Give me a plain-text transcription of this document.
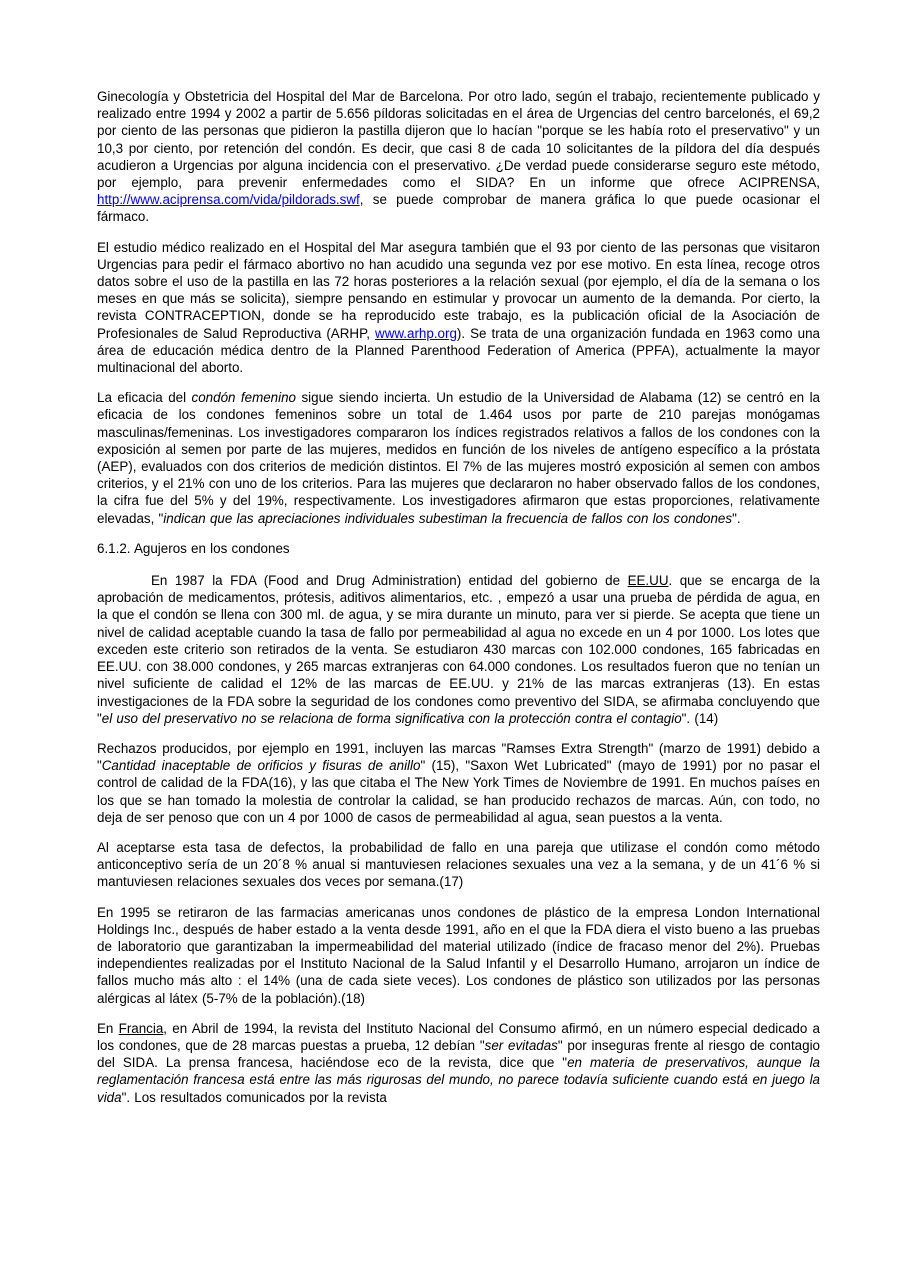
Ginecología y Obstetricia del Hospital del Mar de Barcelona. Por otro lado, según el trabajo, recientemente publicado y realizado entre 1994 y 2002 a partir de 5.656 píldoras solicitadas en el área de Urgencias del centro barcelonés, el 69,2 por ciento de las personas que pidieron la pastilla dijeron que lo hacían "porque se les había roto el preservativo" y un 10,3 por ciento, por retención del condón. Es decir, que casi 8 de cada 10 solicitantes de la píldora del día después acudieron a Urgencias por alguna incidencia con el preservativo. ¿De verdad puede considerarse seguro este método, por ejemplo, para prevenir enfermedades como el SIDA? En un informe que ofrece ACIPRENSA, http://www.aciprensa.com/vida/pildorads.swf, se puede comprobar de manera gráfica lo que puede ocasionar el fármaco.

El estudio médico realizado en el Hospital del Mar asegura también que el 93 por ciento de las personas que visitaron Urgencias para pedir el fármaco abortivo no han acudido una segunda vez por ese motivo. En esta línea, recoge otros datos sobre el uso de la pastilla en las 72 horas posteriores a la relación sexual (por ejemplo, el día de la semana o los meses en que más se solicita), siempre pensando en estimular y provocar un aumento de la demanda. Por cierto, la revista CONTRACEPTION, donde se ha reproducido este trabajo, es la publicación oficial de la Asociación de Profesionales de Salud Reproductiva (ARHP, www.arhp.org). Se trata de una organización fundada en 1963 como una área de educación médica dentro de la Planned Parenthood Federation of America (PPFA), actualmente la mayor multinacional del aborto.

La eficacia del condón femenino sigue siendo incierta. Un estudio de la Universidad de Alabama (12) se centró en la eficacia de los condones femeninos sobre un total de 1.464 usos por parte de 210 parejas monógamas masculinas/femeninas. Los investigadores compararon los índices registrados relativos a fallos de los condones con la exposición al semen por parte de las mujeres, medidos en función de los niveles de antígeno específico a la próstata (AEP), evaluados con dos criterios de medición distintos. El 7% de las mujeres mostró exposición al semen con ambos criterios, y el 21% con uno de los criterios. Para las mujeres que declararon no haber observado fallos de los condones, la cifra fue del 5% y del 19%, respectivamente. Los investigadores afirmaron que estas proporciones, relativamente elevadas, "indican que las apreciaciones individuales subestiman la frecuencia de fallos con los condones".

6.1.2. Agujeros en los condones

En 1987 la FDA (Food and Drug Administration) entidad del gobierno de EE.UU. que se encarga de la aprobación de medicamentos, prótesis, aditivos alimentarios, etc. , empezó a usar una prueba de pérdida de agua, en la que el condón se llena con 300 ml. de agua, y se mira durante un minuto, para ver si pierde. Se acepta que tiene un nivel de calidad aceptable cuando la tasa de fallo por permeabilidad al agua no excede en un 4 por 1000. Los lotes que exceden este criterio son retirados de la venta. Se estudiaron 430 marcas con 102.000 condones, 165 fabricadas en EE.UU. con 38.000 condones, y 265 marcas extranjeras con 64.000 condones. Los resultados fueron que no tenían un nivel suficiente de calidad el 12% de las marcas de EE.UU. y 21% de las marcas extranjeras (13). En estas investigaciones de la FDA sobre la seguridad de los condones como preventivo del SIDA, se afirmaba concluyendo que "el uso del preservativo no se relaciona de forma significativa con la protección contra el contagio". (14)

Rechazos producidos, por ejemplo en 1991, incluyen las marcas "Ramses Extra Strength" (marzo de 1991) debido a "Cantidad inaceptable de orificios y fisuras de anillo" (15), "Saxon Wet Lubricated" (mayo de 1991) por no pasar el control de calidad de la FDA(16), y las que citaba el The New York Times de Noviembre de 1991. En muchos países en los que se han tomado la molestia de controlar la calidad, se han producido rechazos de marcas. Aún, con todo, no deja de ser penoso que con un 4 por 1000 de casos de permeabilidad al agua, sean puestos a la venta.

Al aceptarse esta tasa de defectos, la probabilidad de fallo en una pareja que utilizase el condón como método anticonceptivo sería de un 20´8 % anual si mantuviesen relaciones sexuales una vez a la semana, y de un 41´6 % si mantuviesen relaciones sexuales dos veces por semana.(17)

En 1995 se retiraron de las farmacias americanas unos condones de plástico de la empresa London International Holdings Inc., después de haber estado a la venta desde 1991, año en el que la FDA diera el visto bueno a las pruebas de laboratorio que garantizaban la impermeabilidad del material utilizado (índice de fracaso menor del 2%). Pruebas independientes realizadas por el Instituto Nacional de la Salud Infantil y el Desarrollo Humano, arrojaron un índice de fallos mucho más alto : el 14% (una de cada siete veces). Los condones de plástico son utilizados por las personas alérgicas al látex (5-7% de la población).(18)

En Francia, en Abril de 1994, la revista del Instituto Nacional del Consumo afirmó, en un número especial dedicado a los condones, que de 28 marcas puestas a prueba, 12 debían "ser evitadas" por inseguras frente al riesgo de contagio del SIDA. La prensa francesa, haciéndose eco de la revista, dice que "en materia de preservativos, aunque la reglamentación francesa está entre las más rigurosas del mundo, no parece todavía suficiente cuando está en juego la vida". Los resultados comunicados por la revista
